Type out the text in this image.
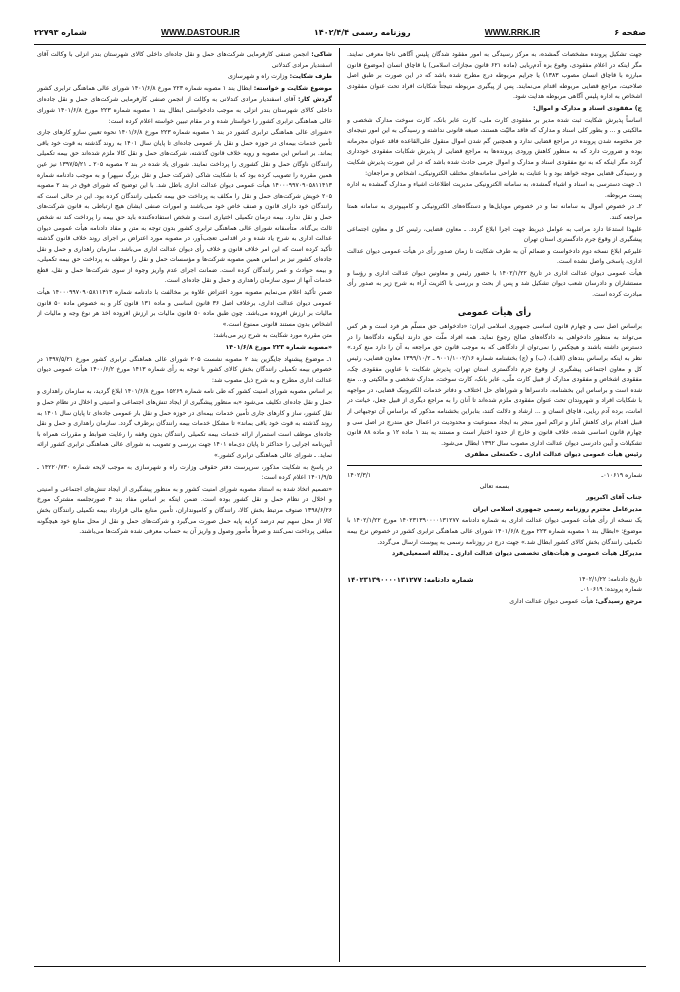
صفحه ۶
WWW.RRK.IR
روزنامه رسمی ۱۴۰۲/۴/۴
WWW.DASTOUR.IR
شماره ۲۲۷۹۳

جهت تشکیل پرونده مشخصات گمشده، به مرکز رسیدگی به امور مفقود شدگان پلیس آگاهی ناجا معرفی نمایند. مگر اینکه در اعلام مفقودی، وقوع بزه آدم‌ربایی (ماده ۶۲۱ قانون مجازات اسلامی) یا قاچاق انسان (موضوع قانون مبارزه با قاچاق انسان مصوب ۱۳۸۳) یا جرایم مربوطه درج مطرح شده باشد که در این صورت بر طبق اصل صلاحیت، مراجع قضایی مربوطه اقدام می‌نمایند. پس از پیگیری مربوطه نتیجتاً شکایات افراد تحت عنوان مفقودی اشخاص به اداره پلیس آگاهی مربوطه هدایت شود.

ج) مفقودی اسناد و مدارک و اموال:

اساساً پذیرش شکایت ثبت شده مدیر بر مفقودی کارت ملی، کارت عابر بانک، کارت سوخت مدارک شخصی و مالکیتی و ... و بطور کلی اسناد و مدارک که فاقد مالیّت هستند، صبغه قانونی نداشته و رسیدگی به این امور نتیجه‌ای جز مختومه شدن پرونده در مراجع قضایی ندارد و همچنین گم شدن اموال منقول علی‌القاعده فاقد عنوان مجرمانه بوده و ضرورت دارد که به منظور کاهش ورودی پرونده‌ها به مراجع قضایی از پذیرش شکایات مفقودی خودداری گردد مگر اینکه که به نبع مفقودی اسناد و مدارک و اموال جرمی حادث شده باشد که در این صورت پذیرش شکایت و رسیدگی قضایی موجه خواهد بود و با عنایت به طراحی سامانه‌های مختلف الکترونیکی، اشخاص و مراجعان:

۱ـ جهت دسترسی به اسناد و اشیاء گمشده، به سامانه الکترونیکی مدیریت اطلاعات اشیاء و مدارک گمشده به اداره پست مربوطه.

۲ـ در خصوص اموال به سامانه نما و در خصوص موبایل‌ها و دستگاه‌های الکترونیکی و کامپیوتری به سامانه همتا مراجعه کنند.

علیهذا استدعا دارد مراتب به عوامل ذیربط جهت اجرا ابلاغ گردد. ـ معاون قضایی، رئیس کل و معاون اجتماعی پیشگیری از وقوع جرم دادگستری استان تهران

علیرغم ابلاغ نسخه دوم دادخواست و ضمائم آن به طرف شکایت تا زمان صدور رأی در هیأت عمومی دیوان عدالت اداری، پاسخی واصل نشده است.

هیأت عمومی دیوان عدالت اداری در تاریخ ۱۴۰۲/۱/۲۲ با حضور رئیس و معاونین دیوان عدالت اداری و رؤسا و مستشاران و دادرسان شعب دیوان تشکیل شد و پس از بحث و بررسی با اکثریت آراء به شرح زیر به صدور رأی مبادرت کرده است.

رأی هیأت عمومی

براساس اصل سی و چهارم قانون اساسی جمهوری اسلامی ایران: «دادخواهی حق مسلّم هر فرد است و هر کس می‌تواند به منظور دادخواهی به دادگاه‌های صالح رجوع نماید. همه افراد ملّت حق دارند اینگونه دادگاه‌ها را در دسترس داشته باشند و هیچکس را نمی‌توان از دادگاهی که به موجب قانون حق مراجعه به آن را دارد منع کرد.» نظر به اینکه براساس بندهای (الف)، (ب) و (ج) بخشنامه شماره ۹۰۰۱/۱۰۰۲/۱۶ ـ ۱۳۹۹/۱۰/۲ معاون قضایی، رئیس کل و معاون اجتماعی پیشگیری از وقوع جرم دادگستری استان تهران، پذیرش شکایت با عناوین مفقودی چک، مفقودی اشخاص و مفقودی مدارک از قبیل کارت ملّی، عابر بانک، کارت سوخت، مدارک شخصی و مالکیتی و... منع شده است و براساس این بخشنامه، دادسراها و شوراهای حل اختلاف و دفاتر خدمات الکترونیک قضایی، در مواجهه با شکایات افراد و شهروندان تحت عنوان مفقودی ملزم شده‌اند تا آنان را به مراجع دیگری از قبیل جعل، خیانت در امانت، برده آدم ربایی، قاچاق انسان و ... ارشاد و دلالت کنند، بنابراین بخشنامه مذکور که براساس آن توجیهاتی از قبیل اقدام برای کاهش آمار و تراکم امور منجر به ایجاد ممنوعیت و محدودیت در اعمال حق مندرج در اصل سی و چهارم قانون اساسی شده، خلاف قانون و خارج از حدود اختیار است و مستند به بند ۱ ماده ۱۲ و ماده ۸۸ قانون تشکیلات و آیین دادرسی دیوان عدالت اداری مصوب سال ۱۳۹۲ ابطال می‌شود.

رئیس هیأت عمومی دیوان عدالت اداری ـ حکمتعلی مظفری

شماره ۰۱۰۶۱۹ـ
۱۴۰۲/۳/۱

بسمه تعالی

جناب آقای اکبرپور

مدیرعامل محترم روزنامه رسمی جمهوری اسلامی ایران

یک نسخه از رأی هیأت عمومی دیوان عدالت اداری به شماره دادنامه ۱۴۰۲۳۱۳۹۰۰۰۰۱۳۱۲۷۷ مورخ ۱۴۰۲/۱/۲۲ با موضوع: «ابطال بند ۱ مصوبه شماره ۲۲۳ مورخ ۱۴۰۱/۶/۸ شورای عالی هماهنگی ترابری کشور در خصوص نرخ بیمه تکمیلی رانندگان بخش کالای کشور ابطال شد.» جهت درج در روزنامه رسمی به پیوست ارسال می‌گردد.

مدیرکل هیأت عمومی و هیأت‌های تخصصی دیوان عدالت اداری ـ یدالله اسمعیلی‌فرد

تاریخ دادنامه: ۱۴۰۲/۱/۲۲
شماره دادنامه: ۱۴۰۲۳۱۳۹۰۰۰۰۱۳۱۲۷۷

شماره پرونده: ۰۱۰۶۱۹ـ

مرجع رسیدگی: هیأت عمومی دیوان عدالت اداری

شاکی: انجمن صنفی کارفرمایی شرکت‌های حمل و نقل جاده‌ای داخلی کالای شهرستان بندر انزلی با وکالت آقای اسفندیار مرادی کندلانی

طرف شکایت: وزارت راه و شهرسازی

موضوع شکایت و خواسته: ابطال بند ۱ مصوبه شماره ۲۲۳ مورخ ۱۴۰۱/۶/۸ شورای عالی هماهنگی ترابری کشور

گردش کار: آقای اسفندیار مرادی کندلانی به وکالت از انجمن صنفی کارفرمایی شرکت‌های حمل و نقل جاده‌ای داخلی کالای شهرستان بندر انزلی به موجب دادخواستی ابطال بند ۱ مصوبه شماره ۲۲۳ مورخ ۱۴۰۱/۶/۸ شورای عالی هماهنگی ترابری کشور را خواستار شده و در مقام تبیین خواسته اعلام کرده است:

«شورای عالی هماهنگی ترابری کشور در بند ۱ مصوبه شماره ۲۲۳ مورخ ۱۴۰۱/۶/۸ نحوه تعیین سازو کارهای جاری تأمین خدمات بیمه‌ای در حوزه حمل و نقل بار عمومی جاده‌ای تا پایان سال ۱۴۰۱ به روند گذشته به قوت خود باقی بماند. بر اساس این مصوبه و رویه خلاف قانون گذشته، شرکت‌های حمل و نقل کالا ملزم شده‌اند حق بیمه تکمیلی رانندگان ناوگان حمل و نقل کشوری را پرداخت نمایند. شورای یاد شده در بند ۲ مصوبه ۲۰۵ ـ ۱۳۹۷/۵/۲۱ نیز عین همین مقرره را تصویب کرده بود که با شکایت شاکی (شرکت حمل و نقل بزرگ سپهر) و به موجب دادنامه شماره ۱۴۰۰۰۹۹۷۰۹۰۵۸۱۱۴۱۳ هیأت عمومی دیوان عدالت اداری باطل شد. با این توضیح که شورای فوق در بند ۲ مصوبه ۲۰۵ خویش شرکت‌های حمل و نقل را مکلف به پرداخت حق بیمه تکمیلی رانندگان کرده بود. این در حالی است که رانندگان خود دارای قانون و صنف خاص خود می‌باشند و امورات صنفی ایشان هیچ ارتباطی به قانون شرکت‌های حمل و نقل ندارد. بیمه درمان تکمیلی اختیاری است و شخص استفاده‌کننده باید حق بیمه را پرداخت کند نه شخص ثالث بی‌گناه. متأسفانه شورای عالی هماهنگی ترابری کشور بدون توجه به متن و مفاد دادنامه هیأت عمومی دیوان عدالت اداری به شرح یاد شده و در اقدامی تعجب‌آور، در مصوبه مورد اعتراض بر اجرای روند خلاف قانون گذشته تأکید کرده است که این امر خلاف قانون و خلاف رأی دیوان عدالت اداری می‌باشد. سازمان راهداری و حمل و نقل جاده‌ای کشور نیز بر اساس همین مصوبه شرکت‌ها و مؤسسات حمل و نقل را موظف به پرداخت حق بیمه تکمیلی، و بیمه حوادث و عمر رانندگان کرده است. ضمانت اجرای عدم واریز وجوه از سوی شرکت‌ها حمل و نقل، قطع خدمات آنها از سوی سازمان راهداری و حمل و نقل جاده‌ای است.

ضمن تأکید اعلام می‌نمایم مصوبه مورد اعتراض علاوه بر مخالفت با دادنامه شماره ۱۴۰۰۰۹۹۷۰۹۰۵۸۱۱۴۱۳ هیأت عمومی دیوان عدالت اداری، برخلاف اصل ۳۶ قانون اساسی و ماده ۱۳۱ قانون کار و به خصوص ماده ۵۰ قانون مالیات بر ارزش افزوده می‌باشد. چون طبق ماده ۵۰ قانون مالیات بر ارزش افزوده اخذ هر نوع وجه و مالیات از اشخاص بدون مستند قانونی ممنوع است.»

متن مقرره مورد شکایت به شرح زیر می‌باشد:

«مصوبه شماره ۲۲۳ مورخ ۱۴۰۱/۶/۸

۱ـ موضوع پیشنهاد جایگزین بند ۲ مصوبه نشست ۲۰۵ شورای عالی هماهنگی ترابری کشور مورخ ۱۳۹۷/۵/۲۱ در خصوص بیمه تکمیلی رانندگان بخش کالای کشور با توجه به رأی شماره ۱۴۱۳ مورخ ۱۴۰۰/۶/۲ هیأت عمومی دیوان عدالت اداری مطرح و به شرح ذیل مصوب شد:

بر اساس مصوبه شورای امنیت کشور که طی نامه شماره ۱۵۲۶۹ مورخ ۱۴۰۱/۶/۸ ابلاغ گردید، به سازمان راهداری و حمل و نقل جاده‌ای تکلیف می‌شود «به منظور پیشگیری از ایجاد تنش‌های اجتماعی و امنیتی و اخلال در نظام حمل و نقل کشور، ساز و کارهای جاری تأمین خدمات بیمه‌ای در حوزه حمل و نقل بار عمومی جاده‌ای تا پایان سال ۱۴۰۱ به روند گذشته به قوت خود باقی بماند» تا مشکل خدمات بیمه رانندگان برطرف گردد. سازمان راهداری و حمل و نقل جاده‌ای موظف است استمرار ارائه خدمات بیمه تکمیلی رانندگان بدون وقفه را رعایت ضوابط و مقررات همراه با آیین‌نامه اجرایی را حداکثر تا پایان دی‌ماه ۱۴۰۱ جهت بررسی و تصویب به شورای عالی هماهنگی ترابری کشور ارائه نماید. ـ شورای عالی هماهنگی ترابری کشور.»

در پاسخ به شکایت مذکور، سرپرست دفتر حقوقی وزارت راه و شهرسازی به موجب لایحه شماره ۱۴۲۲۰/۷۳۰ ـ ۱۴۰۱/۹/۵ اعلام کرده است:

«تصمیم اتخاذ شده به استناد مصوبه شورای امنیت کشور و به منظور پیشگیری از ایجاد تنش‌های اجتماعی و امنیتی و اخلال در نظام حمل و نقل کشور بوده است. ضمن اینکه بر اساس مفاد بند ۴ صورتجلسه مشترک مورخ ۱۳۹۸/۶/۲۶ صنوف مرتبط بخش کالا، رانندگان و کامیونداران، تأمین منابع مالی قرارداد بیمه تکمیلی رانندگان بخش کالا از محل سهم تیم درصد کرایه پایه حمل صورت می‌گیرد و شرکت‌های حمل و نقل از محل منابع خود هیچگونه مبلغی پرداخت نمی‌کنند و صرفاً مأمور وصول و واریز آن به حساب معرفی شده شرکت‌ها می‌باشند.
